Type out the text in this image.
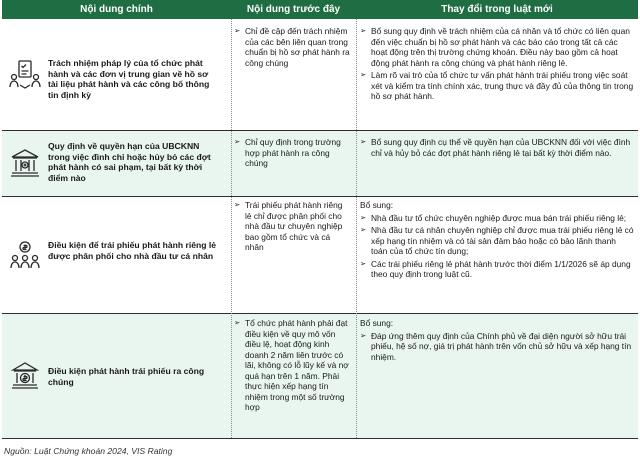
Nội dung chính	Nội dung trước đây	Thay đổi trong luật mới
Trách nhiệm pháp lý của tổ chức phát hành và các đơn vị trung gian về hồ sơ tài liệu phát hành và các công bố thông tin định kỳ
➢ Chỉ đề cập đến trách nhiệm của các bên liên quan trong chuẩn bị hồ sơ phát hành ra công chúng
➢ Bổ sung quy định về trách nhiệm của cá nhân và tổ chức có liên quan đến việc chuẩn bị hồ sơ phát hành và các báo cáo trong tất cả các hoạt động trên thị trường chứng khoán. Điều này bao gồm cả hoạt động phát hành ra công chúng và phát hành riêng lẻ.
➢ Làm rõ vai trò của tổ chức tư vấn phát hành trái phiếu trong việc soát xét và kiểm tra tính chính xác, trung thực và đầy đủ của thông tin trong hồ sơ phát hành.
Quy định về quyền hạn của UBCKNN trong việc đình chỉ hoặc hủy bỏ các đợt phát hành có sai phạm, tại bất kỳ thời điểm nào
➢ Chỉ quy định trong trường hợp phát hành ra công chúng
➢ Bổ sung quy định cụ thể về quyền hạn của UBCKNN đối với việc đình chỉ và hủy bỏ các đợt phát hành riêng lẻ tại bất kỳ thời điểm nào.
Điều kiện để trái phiếu phát hành riêng lẻ được phân phối cho nhà đầu tư cá nhân
➢ Trái phiếu phát hành riêng lẻ chỉ được phân phối cho nhà đầu tư chuyên nghiệp bao gồm tổ chức và cá nhân
Bổ sung:
➢ Nhà đầu tư tổ chức chuyên nghiệp được mua bán trái phiếu riêng lẻ;
➢ Nhà đầu tư cá nhân chuyên nghiệp chỉ được mua trái phiếu riêng lẻ có xếp hạng tín nhiệm và có tài sản đảm bảo hoặc có bảo lãnh thanh toán của tổ chức tín dụng;
➢ Các trái phiếu riêng lẻ phát hành trước thời điểm 1/1/2026 sẽ áp dụng theo quy định trong luật cũ.
Điều kiện phát hành trái phiếu ra công chúng
➢ Tổ chức phát hành phải đạt điều kiện về quy mô vốn điều lệ, hoạt động kinh doanh 2 năm liên trước có lãi, không có lỗ lũy kế và nợ quá hạn trên 1 năm. Phải thực hiện xếp hạng tín nhiệm trong một số trường hợp
Bổ sung:
➢ Đáp ứng thêm quy định của Chính phủ về đại diện người sở hữu trái phiếu, hệ số nợ, giá trị phát hành trên vốn chủ sở hữu và xếp hạng tín nhiệm.
Nguồn: Luật Chứng khoán 2024, VIS Rating
